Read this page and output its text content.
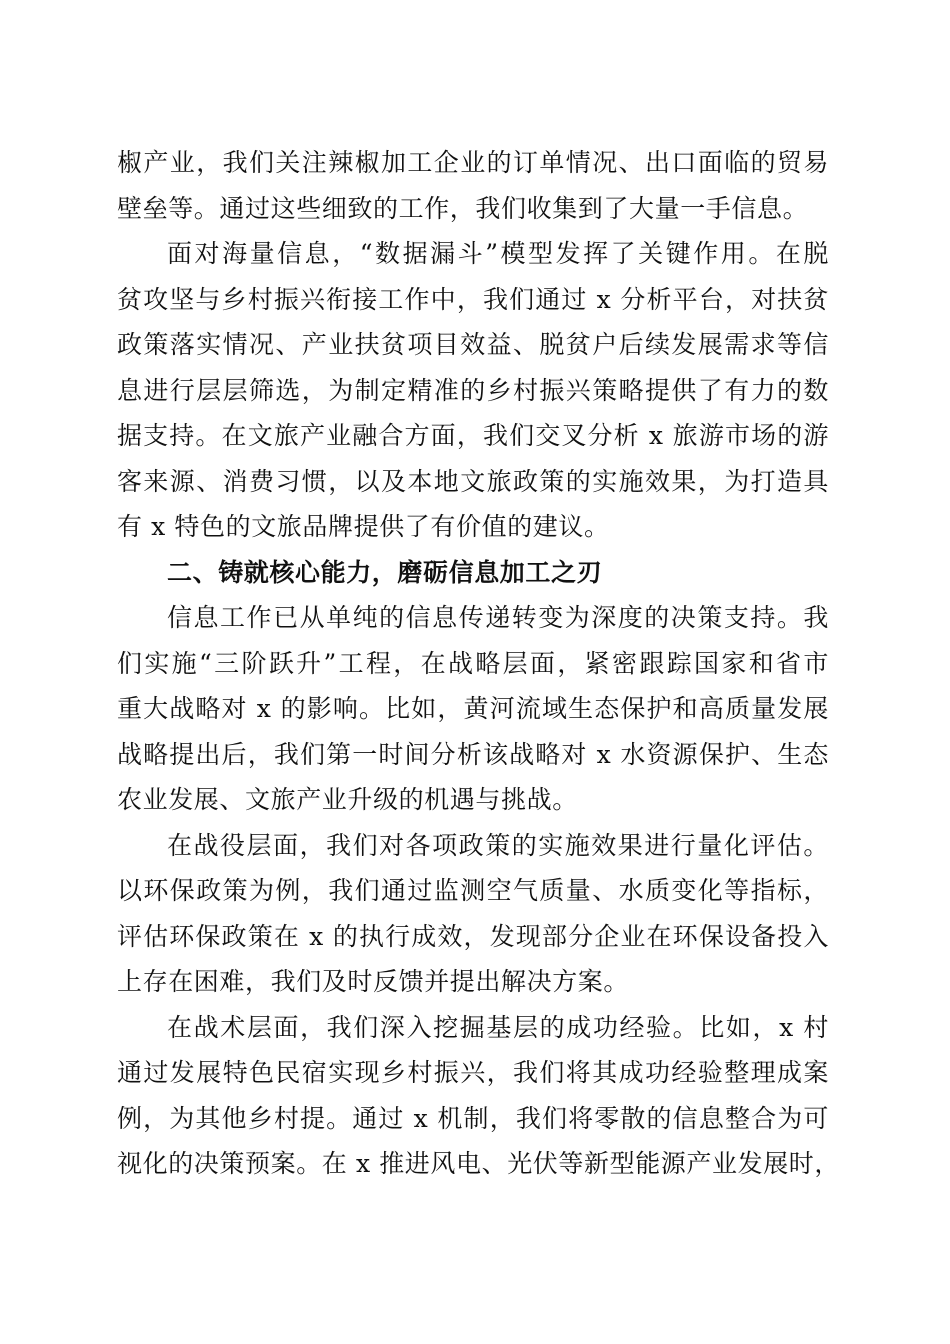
椒产业，我们关注辣椒加工企业的订单情况、出口面临的贸易
壁垒等。通过这些细致的工作，我们收集到了大量一手信息。
面对海量信息，“数据漏斗”模型发挥了关键作用。在脱
贫攻坚与乡村振兴衔接工作中，我们通过 x 分析平台，对扶贫
政策落实情况、产业扶贫项目效益、脱贫户后续发展需求等信
息进行层层筛选，为制定精准的乡村振兴策略提供了有力的数
据支持。在文旅产业融合方面，我们交叉分析 x 旅游市场的游
客来源、消费习惯，以及本地文旅政策的实施效果，为打造具
有 x 特色的文旅品牌提供了有价值的建议。
二、铸就核心能力，磨砺信息加工之刃
信息工作已从单纯的信息传递转变为深度的决策支持。我
们实施“三阶跃升”工程，在战略层面，紧密跟踪国家和省市
重大战略对 x 的影响。比如，黄河流域生态保护和高质量发展
战略提出后，我们第一时间分析该战略对 x 水资源保护、生态
农业发展、文旅产业升级的机遇与挑战。
在战役层面，我们对各项政策的实施效果进行量化评估。
以环保政策为例，我们通过监测空气质量、水质变化等指标，
评估环保政策在 x 的执行成效，发现部分企业在环保设备投入
上存在困难，我们及时反馈并提出解决方案。
在战术层面，我们深入挖掘基层的成功经验。比如，x 村
通过发展特色民宿实现乡村振兴，我们将其成功经验整理成案
例，为其他乡村提。通过 x 机制，我们将零散的信息整合为可
视化的决策预案。在 x 推进风电、光伏等新型能源产业发展时，
